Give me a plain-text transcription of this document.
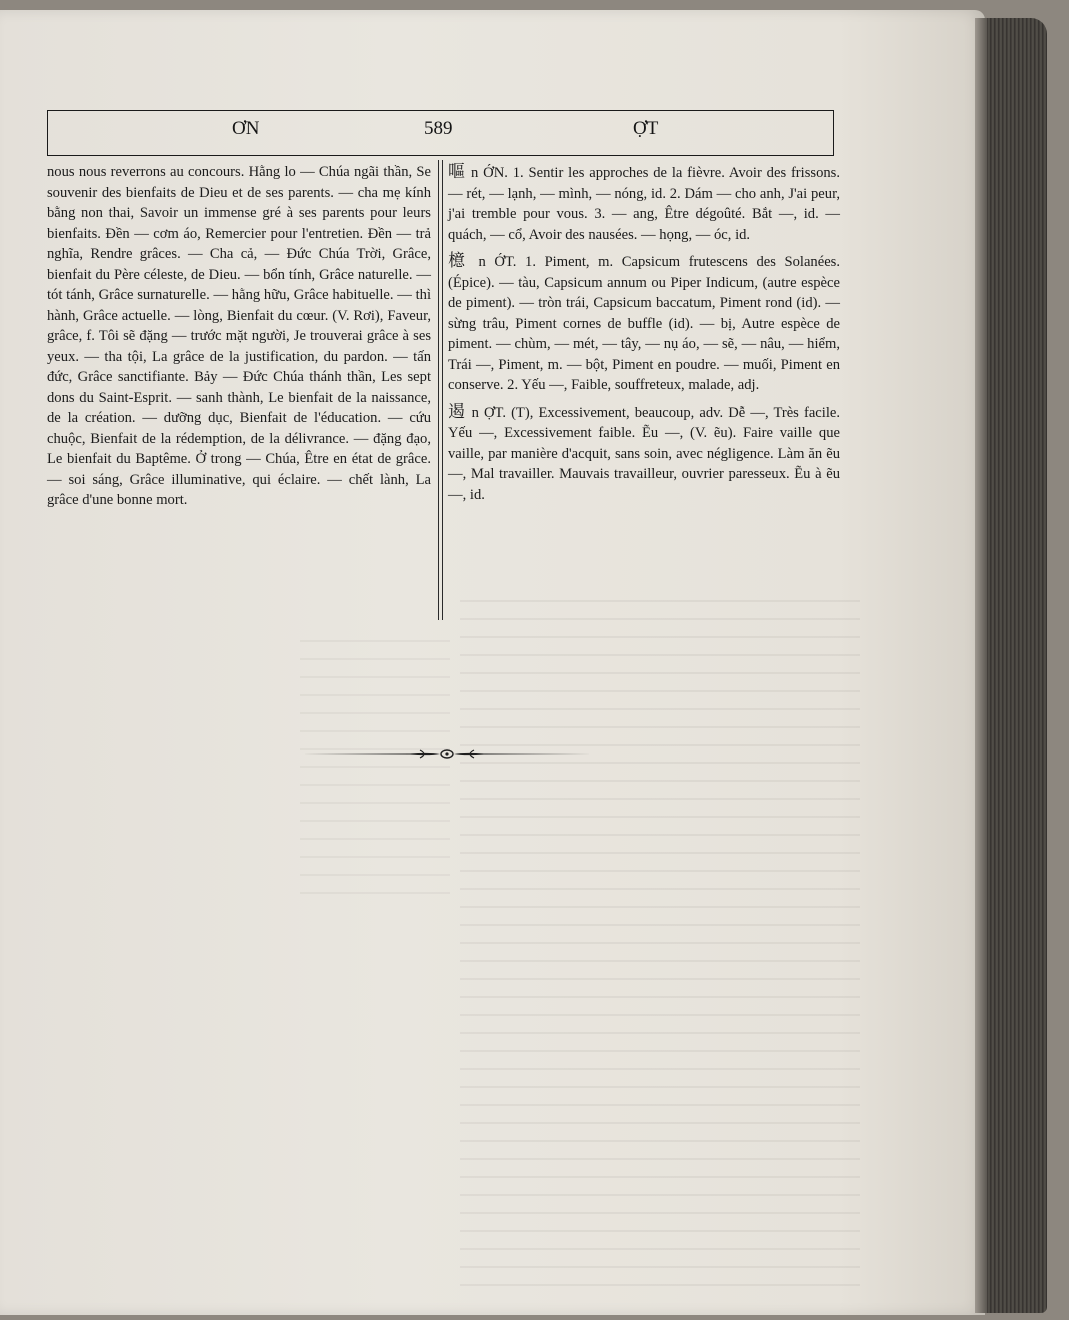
ƠN	589	ỢT

nous nous reverrons au concours. Hằng lo — Chúa ngãi thần, Se souvenir des bienfaits de Dieu et de ses parents. — cha mẹ kính bằng non thai, Savoir un immense gré à ses parents pour leurs bienfaits. Đền — cơm áo, Remercier pour l'entretien. Đền — trả nghĩa, Rendre grâces. — Cha cả, — Đức Chúa Trời, Grâce, bienfait du Père céleste, de Dieu. — bổn tính, Grâce naturelle. — tót tánh, Grâce surnaturelle. — hằng hữu, Grâce habituelle. — thì hành, Grâce actuelle. — lòng, Bienfait du cœur. (V. Rơi), Faveur, grâce, f. Tôi sẽ đặng — trước mặt người, Je trouverai grâce à ses yeux. — tha tội, La grâce de la justification, du pardon. — tấn đức, Grâce sanctifiante. Bảy — Đức Chúa thánh thần, Les sept dons du Saint-Esprit. — sanh thành, Le bienfait de la naissance, de la création. — dưỡng dục, Bienfait de l'éducation. — cứu chuộc, Bienfait de la rédemption, de la délivrance. — đặng đạo, Le bienfait du Baptême. Ở trong — Chúa, Être en état de grâce. — soi sáng, Grâce illuminative, qui éclaire. — chết lành, La grâce d'une bonne mort.

嘔 n ỚN. 1. Sentir les approches de la fièvre. Avoir des frissons. — rét, — lạnh, — mình, — nóng, id. 2. Dám — cho anh, J'ai peur, j'ai tremble pour vous. 3. — ang, Être dégoûté. Bắt —, id. — quách, — cổ, Avoir des nausées. — họng, — óc, id.
檍 n ỚT. 1. Piment, m. Capsicum frutescens des Solanées. (Épice). — tàu, Capsicum annum ou Piper Indicum, (autre espèce de piment). — tròn trái, Capsicum baccatum, Piment rond (id). — sừng trâu, Piment cornes de buffle (id). — bị, Autre espèce de piment. — chùm, — mét, — tây, — nụ áo, — sẽ, — nâu, — hiểm, Trái —, Piment, m. — bột, Piment en poudre. — muối, Piment en conserve. 2. Yếu —, Faible, souffreteux, malade, adj.
遏 n ỢT. (T), Excessivement, beaucoup, adv. Dễ —, Très facile. Yếu —, Excessivement faible. Ẽu —, (V. ẽu). Faire vaille que vaille, par manière d'acquit, sans soin, avec négligence. Làm ăn ẽu —, Mal travailler. Mauvais travailleur, ouvrier paresseux. Ẽu à ẽu —, id.
